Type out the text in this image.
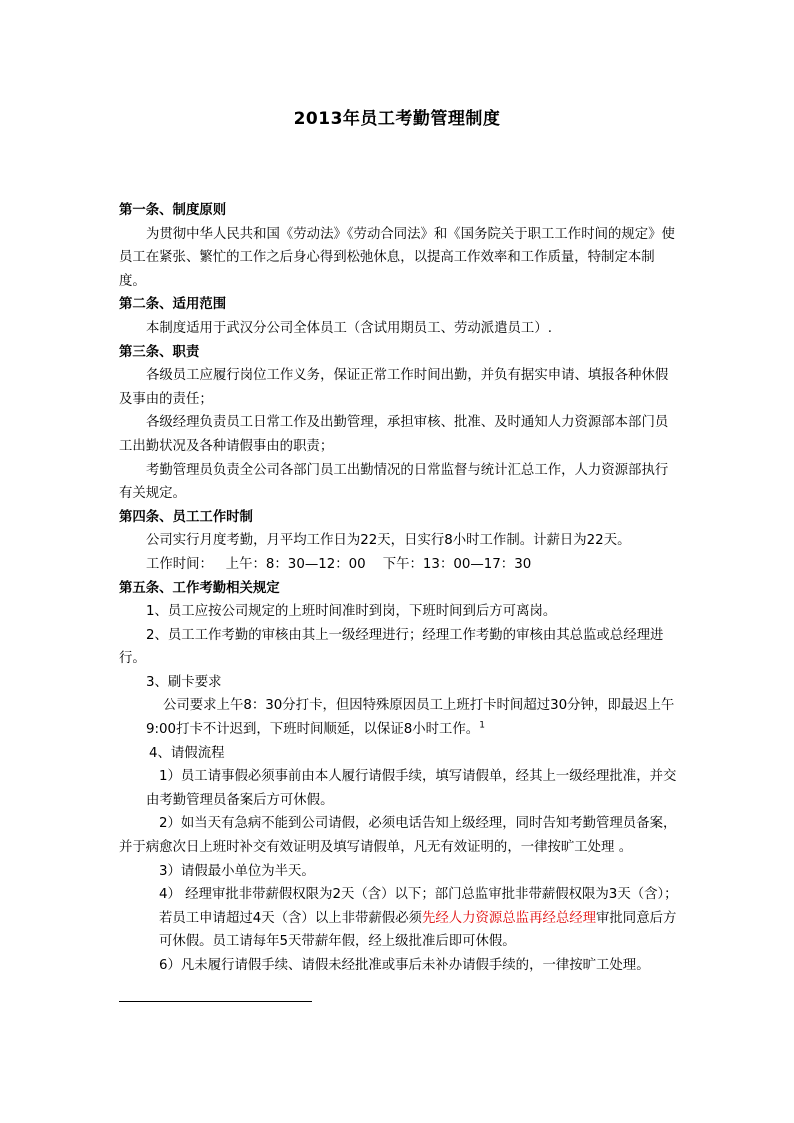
2013年员工考勤管理制度

第一条、制度原则

为贯彻中华人民共和国《劳动法》《劳动合同法》和《国务院关于职工工作时间的规定》使员工在紧张、繁忙的工作之后身心得到松弛休息，以提高工作效率和工作质量，特制定本制度。

第二条、适用范围

本制度适用于武汉分公司全体员工（含试用期员工、劳动派遣员工）.

第三条、职责

各级员工应履行岗位工作义务，保证正常工作时间出勤，并负有据实申请、填报各种休假及事由的责任；

各级经理负责员工日常工作及出勤管理，承担审核、批准、及时通知人力资源部本部门员工出勤状况及各种请假事由的职责；

考勤管理员负责全公司各部门员工出勤情况的日常监督与统计汇总工作，人力资源部执行有关规定。

第四条、员工工作时制

公司实行月度考勤，月平均工作日为22天，日实行8小时工作制。计薪日为22天。

工作时间：   上午：8：30—12：00    下午：13：00—17：30

第五条、工作考勤相关规定

1、员工应按公司规定的上班时间准时到岗，下班时间到后方可离岗。

2、员工工作考勤的审核由其上一级经理进行；经理工作考勤的审核由其总监或总经理进行。

3、刷卡要求

公司要求上午8：30分打卡，但因特殊原因员工上班打卡时间超过30分钟，即最迟上午9:00打卡不计迟到，下班时间顺延，以保证8小时工作。$^1$

4、请假流程

1）员工请事假必须事前由本人履行请假手续，填写请假单，经其上一级经理批准，并交由考勤管理员备案后方可休假。

2）如当天有急病不能到公司请假，必须电话告知上级经理，同时告知考勤管理员备案，并于病愈次日上班时补交有效证明及填写请假单，凡无有效证明的，一律按旷工处理 。

3）请假最小单位为半天。

4） 经理审批非带薪假权限为2天（含）以下；部门总监审批非带薪假权限为3天（含）；若员工申请超过4天（含）以上非带薪假必须先经人力资源总监再经总经理审批同意后方可休假。员工请每年5天带薪年假，经上级批准后即可休假。

6）凡未履行请假手续、请假未经批准或事后未补办请假手续的，一律按旷工处理。
